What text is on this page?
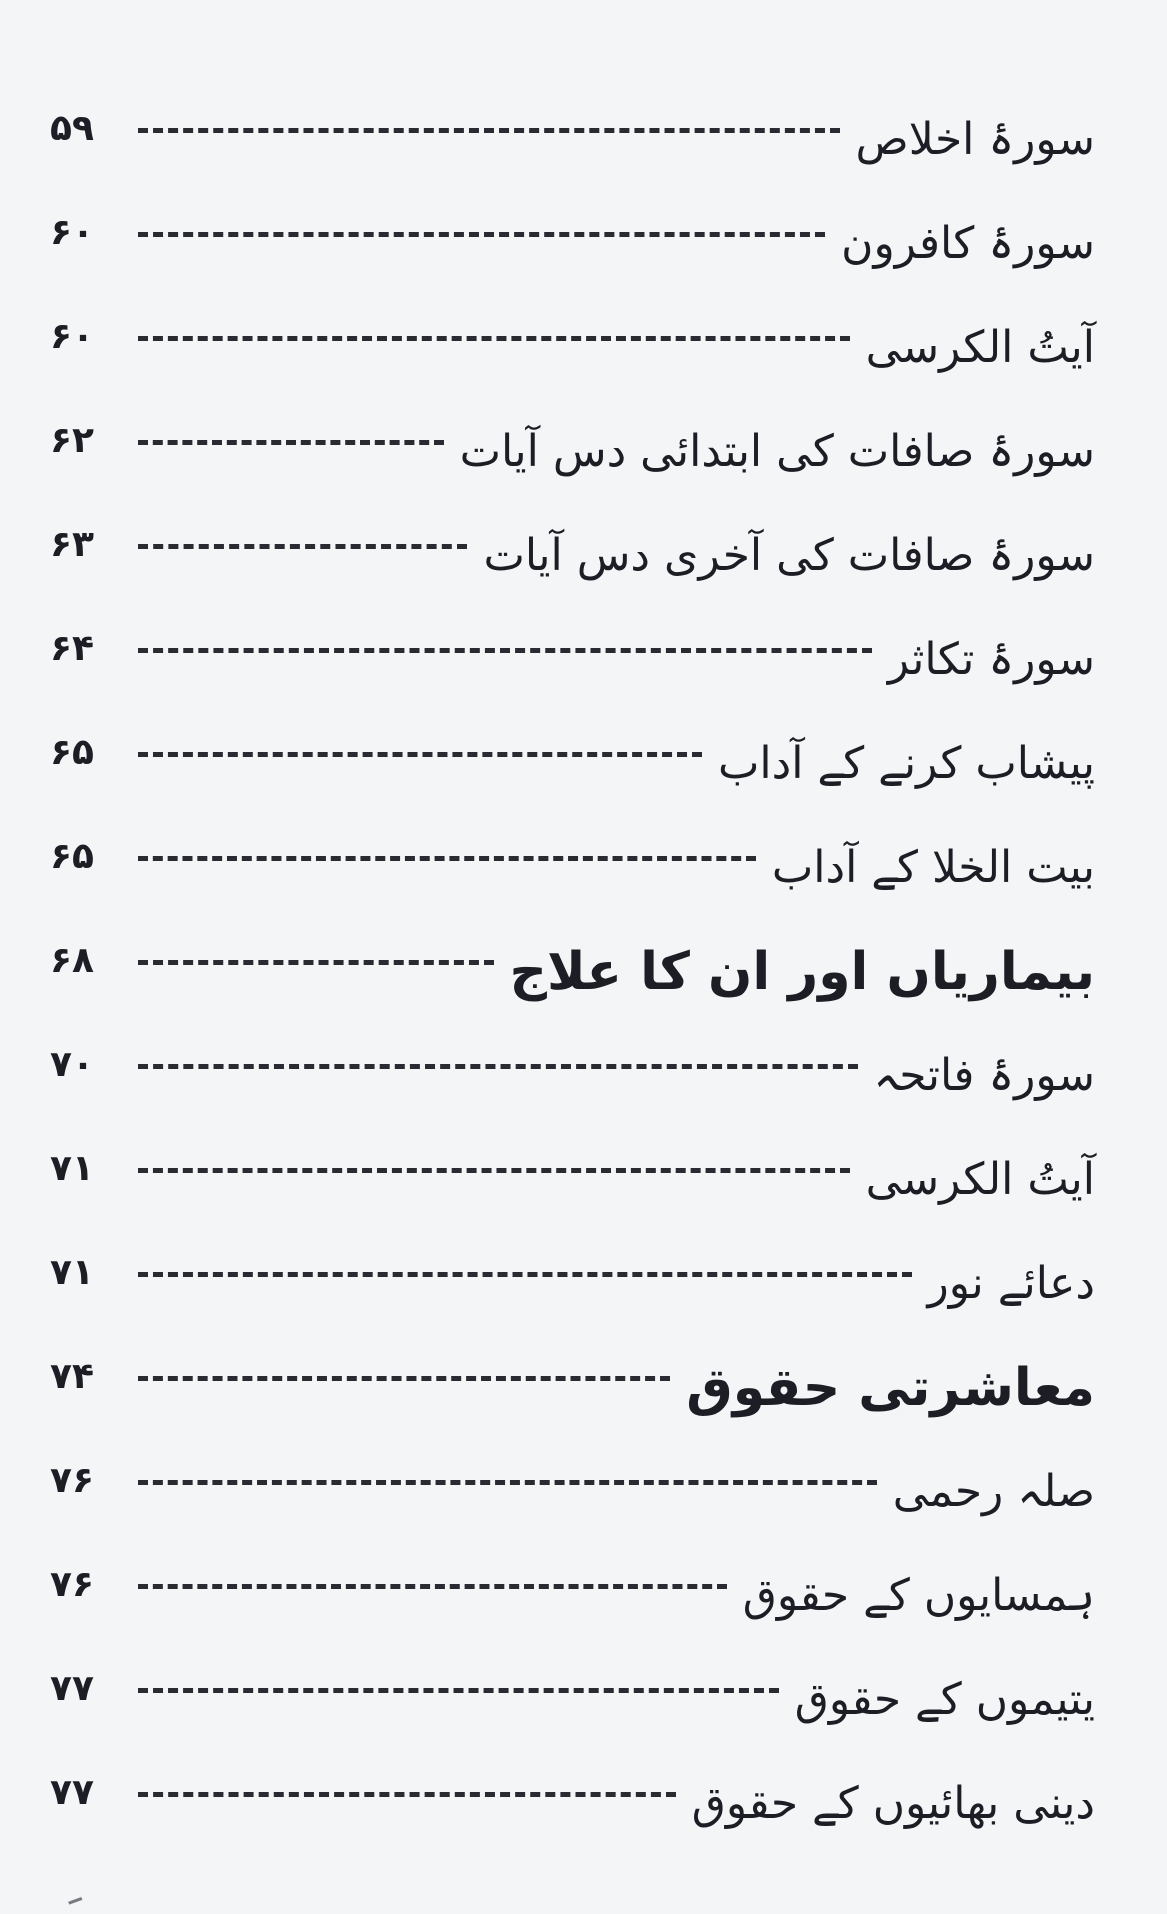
سورۂ اخلاص
۵۹
سورۂ کافرون
۶۰
آیتُ الکرسی
۶۰
سورۂ صافات کی ابتدائی دس آیات
۶۲
سورۂ صافات کی آخری دس آیات
۶۳
سورۂ تکاثر
۶۴
پیشاب کرنے کے آداب
۶۵
بیت الخلا کے آداب
۶۵
بیماریاں اور ان کا علاج
۶۸
سورۂ فاتحہ
۷۰
آیتُ الکرسی
۷۱
دعائے نور
۷۱
معاشرتی حقوق
۷۴
صلہ رحمی
۷۶
ہمسایوں کے حقوق
۷۶
یتیموں کے حقوق
۷۷
دینی بھائیوں کے حقوق
۷۷
